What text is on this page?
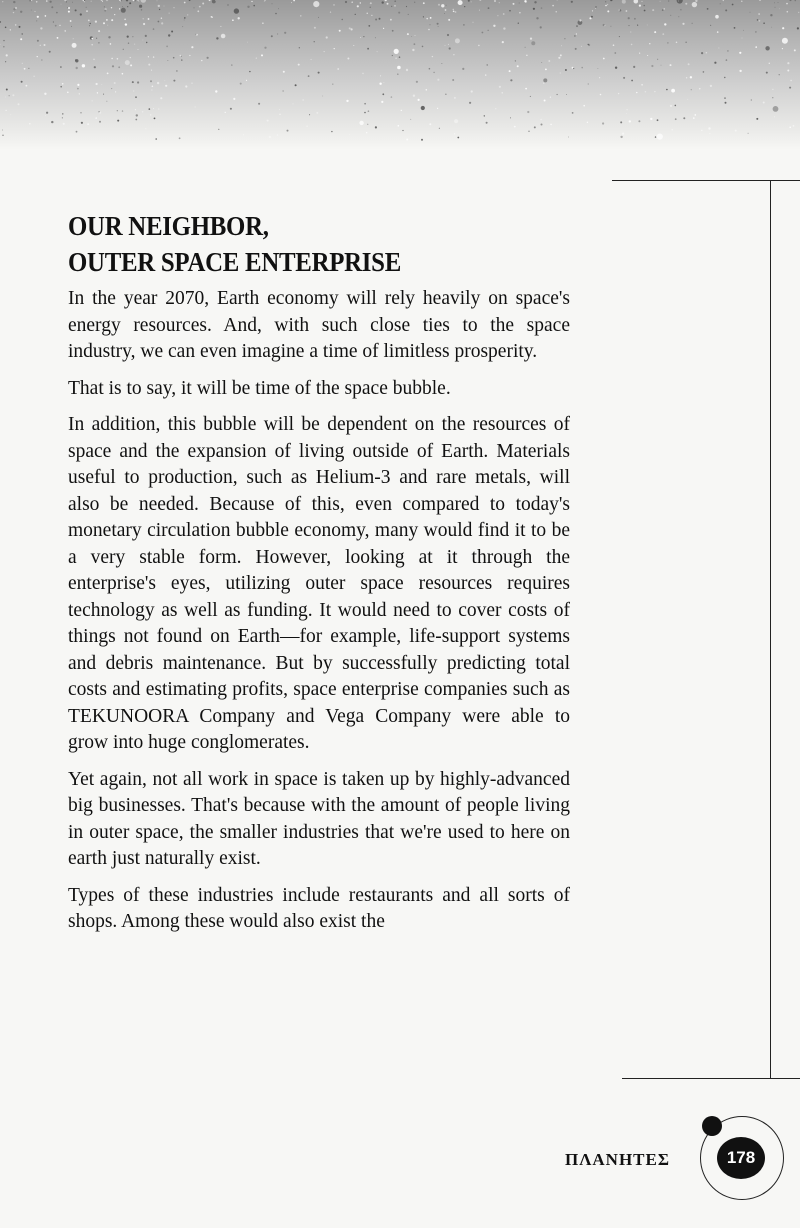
OUR NEIGHBOR,
OUTER SPACE ENTERPRISE

In the year 2070, Earth economy will rely heavily on space's energy resources. And, with such close ties to the space industry, we can even imagine a time of limitless prosperity.

That is to say, it will be time of the space bubble.

In addition, this bubble will be dependent on the resources of space and the expansion of living outside of Earth. Materials useful to production, such as Helium-3 and rare metals, will also be needed. Because of this, even compared to today's monetary circulation bubble economy, many would find it to be a very stable form. However, looking at it through the enterprise's eyes, utilizing outer space resources requires technology as well as funding. It would need to cover costs of things not found on Earth—for example, life-support systems and debris maintenance. But by successfully predicting total costs and estimating profits, space enterprise companies such as TEKUNOORA Company and Vega Company were able to grow into huge conglomerates.

Yet again, not all work in space is taken up by highly-advanced big businesses. That's because with the amount of people living in outer space, the smaller industries that we're used to here on earth just naturally exist.

Types of these industries include restaurants and all sorts of shops. Among these would also exist the

ΠΛΑΝΗΤΕΣ	178
